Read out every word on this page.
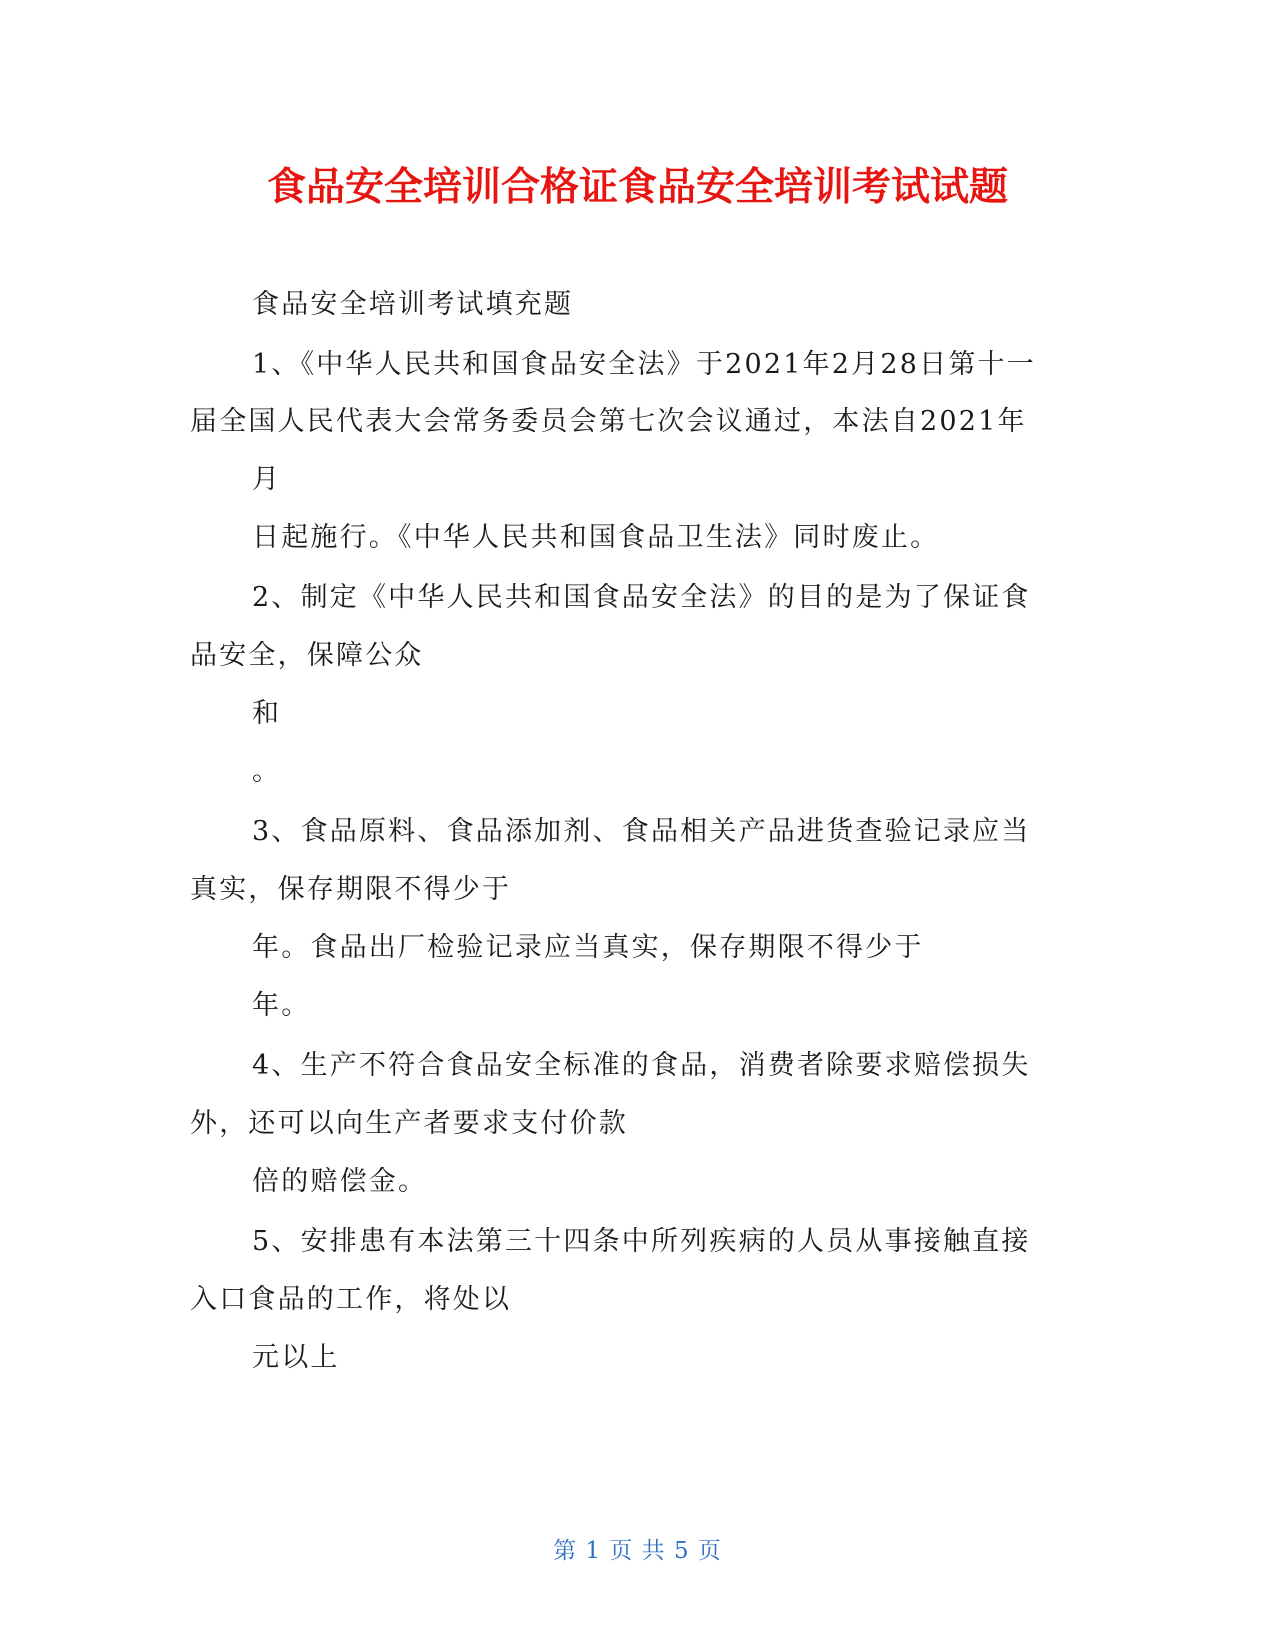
食品安全培训合格证食品安全培训考试试题

食品安全培训考试填充题

1、《中华人民共和国食品安全法》于2021年2月28日第十一

届全国人民代表大会常务委员会第七次会议通过，本法自2021年

月

日起施行。《中华人民共和国食品卫生法》同时废止。

2、制定《中华人民共和国食品安全法》的目的是为了保证食

品安全，保障公众

和

。

3、食品原料、食品添加剂、食品相关产品进货查验记录应当

真实，保存期限不得少于

年。食品出厂检验记录应当真实，保存期限不得少于

年。

4、生产不符合食品安全标准的食品，消费者除要求赔偿损失

外，还可以向生产者要求支付价款

倍的赔偿金。

5、安排患有本法第三十四条中所列疾病的人员从事接触直接

入口食品的工作，将处以

元以上

第 1 页 共 5 页
